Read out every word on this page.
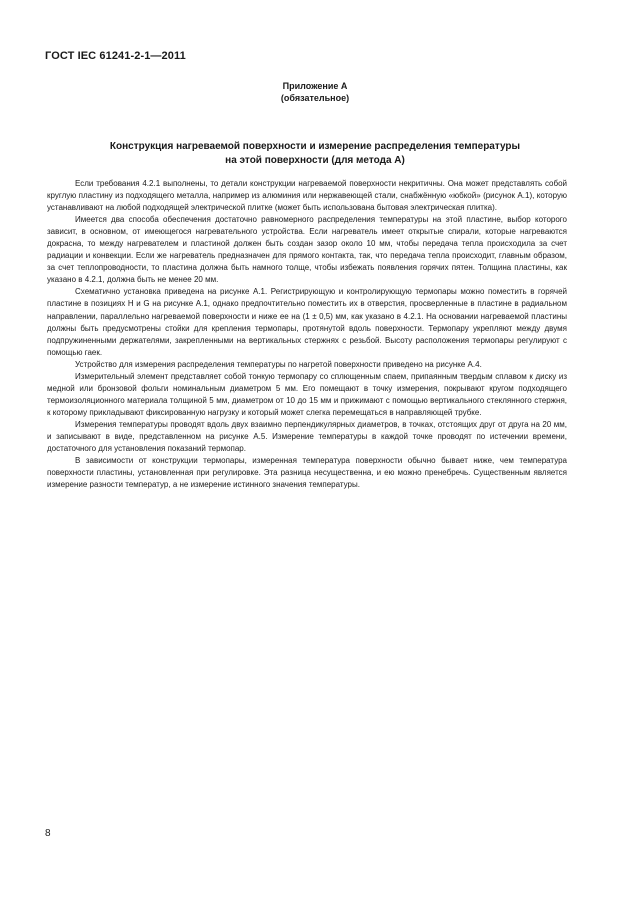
ГОСТ IEC 61241-2-1—2011
Приложение А
(обязательное)
Конструкция нагреваемой поверхности и измерение распределения температуры
на этой поверхности (для метода А)

Если требования 4.2.1 выполнены, то детали конструкции нагреваемой поверхности некритичны. Она может представлять собой круглую пластину из подходящего металла, например из алюминия или нержавеющей стали, снабжённую «юбкой» (рисунок А.1), которую устанавливают на любой подходящей электрической плитке (может быть использована бытовая электрическая плитка).

Имеется два способа обеспечения достаточно равномерного распределения температуры на этой пластине, выбор которого зависит, в основном, от имеющегося нагревательного устройства. Если нагреватель имеет открытые спирали, которые нагреваются докрасна, то между нагревателем и пластиной должен быть создан зазор около 10 мм, чтобы передача тепла происходила за счет радиации и конвекции. Если же нагреватель предназначен для прямого контакта, так, что передача тепла происходит, главным образом, за счет теплопроводности, то пластина должна быть намного толще, чтобы избежать появления горячих пятен. Толщина пластины, как указано в 4.2.1, должна быть не менее 20 мм.

Схематично установка приведена на рисунке А.1. Регистрирующую и контролирующую термопары можно поместить в горячей пластине в позициях Н и G на рисунке А.1, однако предпочтительно поместить их в отверстия, просверленные в пластине в радиальном направлении, параллельно нагреваемой поверхности и ниже ее на (1 ± 0,5) мм, как указано в 4.2.1. На основании нагреваемой пластины должны быть предусмотрены стойки для крепления термопары, протянутой вдоль поверхности. Термопару укрепляют между двумя подпружиненными держателями, закрепленными на вертикальных стержнях с резьбой. Высоту расположения термопары регулируют с помощью гаек.

Устройство для измерения распределения температуры по нагретой поверхности приведено на рисунке А.4.

Измерительный элемент представляет собой тонкую термопару со сплющенным спаем, припаянным твердым сплавом к диску из медной или бронзовой фольги номинальным диаметром 5 мм. Его помещают в точку измерения, покрывают кругом подходящего термоизоляционного материала толщиной 5 мм, диаметром от 10 до 15 мм и прижимают с помощью вертикального стеклянного стержня, к которому прикладывают фиксированную нагрузку и который может слегка перемещаться в направляющей трубке.

Измерения температуры проводят вдоль двух взаимно перпендикулярных диаметров, в точках, отстоящих друг от друга на 20 мм, и записывают в виде, представленном на рисунке А.5. Измерение температуры в каждой точке проводят по истечении времени, достаточного для установления показаний термопар.

В зависимости от конструкции термопары, измеренная температура поверхности обычно бывает ниже, чем температура поверхности пластины, установленная при регулировке. Эта разница несущественна, и ею можно пренебречь. Существенным является измерение разности температур, а не измерение истинного значения температуры.

8
